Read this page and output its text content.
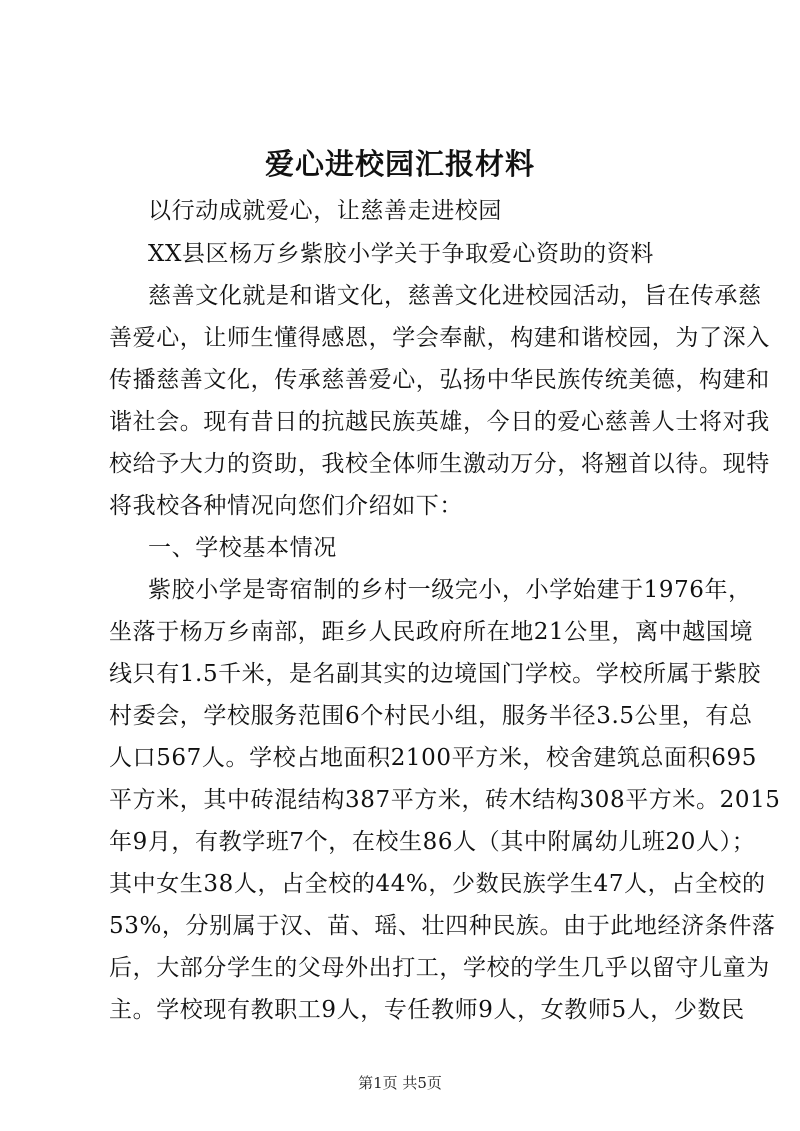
爱心进校园汇报材料
以行动成就爱心，让慈善走进校园
XX县区杨万乡紫胶小学关于争取爱心资助的资料
慈善文化就是和谐文化，慈善文化进校园活动，旨在传承慈
善爱心，让师生懂得感恩，学会奉献，构建和谐校园，为了深入
传播慈善文化，传承慈善爱心，弘扬中华民族传统美德，构建和
谐社会。现有昔日的抗越民族英雄，今日的爱心慈善人士将对我
校给予大力的资助，我校全体师生激动万分，将翘首以待。现特
将我校各种情况向您们介绍如下：
一、学校基本情况
紫胶小学是寄宿制的乡村一级完小，小学始建于1976年，
坐落于杨万乡南部，距乡人民政府所在地21公里，离中越国境
线只有1.5千米，是名副其实的边境国门学校。学校所属于紫胶
村委会，学校服务范围6个村民小组，服务半径3.5公里，有总
人口567人。学校占地面积2100平方米，校舍建筑总面积695
平方米，其中砖混结构387平方米，砖木结构308平方米。2015
年9月，有教学班7个，在校生86人（其中附属幼儿班20人）；
其中女生38人，占全校的44%，少数民族学生47人，占全校的
53%，分别属于汉、苗、瑶、壮四种民族。由于此地经济条件落
后，大部分学生的父母外出打工，学校的学生几乎以留守儿童为
主。学校现有教职工9人，专任教师9人，女教师5人，少数民
第1页 共5页
